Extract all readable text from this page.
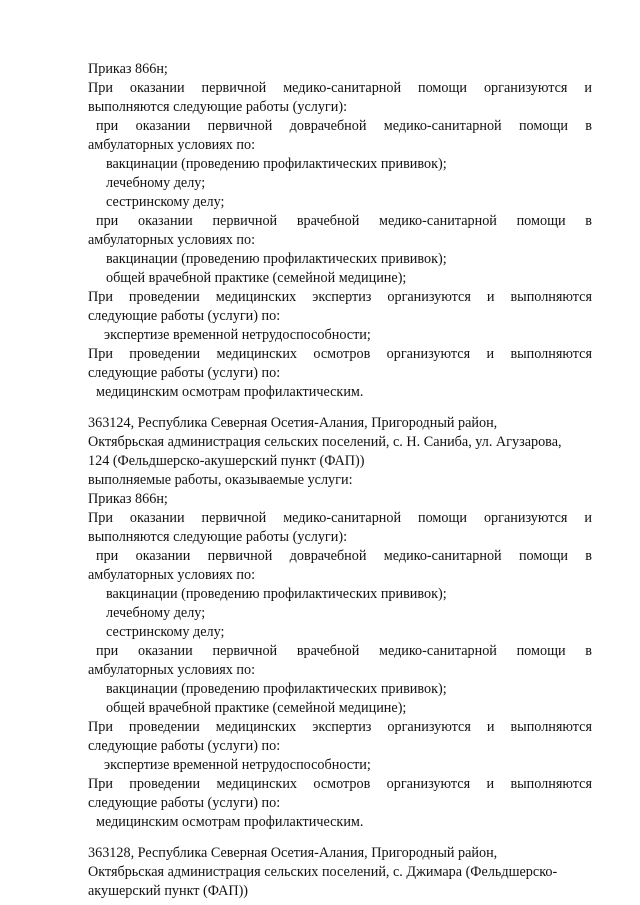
Приказ 866н;
При оказании первичной медико-санитарной помощи организуются и
выполняются следующие работы (услуги):
при оказании первичной доврачебной медико-санитарной помощи в
амбулаторных условиях по:
вакцинации (проведению профилактических прививок);
лечебному делу;
сестринскому делу;
при оказании первичной врачебной медико-санитарной помощи в
амбулаторных условиях по:
вакцинации (проведению профилактических прививок);
общей врачебной практике (семейной медицине);
При проведении медицинских экспертиз организуются и выполняются
следующие работы (услуги) по:
экспертизе временной нетрудоспособности;
При проведении медицинских осмотров организуются и выполняются
следующие работы (услуги) по:
медицинским осмотрам профилактическим.
363124, Республика Северная Осетия-Алания, Пригородный район,
Октябрьская администрация сельских поселений, с. Н. Саниба, ул. Агузарова,
124 (Фельдшерско-акушерский пункт (ФАП))
выполняемые работы, оказываемые услуги:
Приказ 866н;
При оказании первичной медико-санитарной помощи организуются и
выполняются следующие работы (услуги):
при оказании первичной доврачебной медико-санитарной помощи в
амбулаторных условиях по:
вакцинации (проведению профилактических прививок);
лечебному делу;
сестринскому делу;
при оказании первичной врачебной медико-санитарной помощи в
амбулаторных условиях по:
вакцинации (проведению профилактических прививок);
общей врачебной практике (семейной медицине);
При проведении медицинских экспертиз организуются и выполняются
следующие работы (услуги) по:
экспертизе временной нетрудоспособности;
При проведении медицинских осмотров организуются и выполняются
следующие работы (услуги) по:
медицинским осмотрам профилактическим.
363128, Республика Северная Осетия-Алания, Пригородный район,
Октябрьская администрация сельских поселений, с. Джимара (Фельдшерско-
акушерский пункт (ФАП))
